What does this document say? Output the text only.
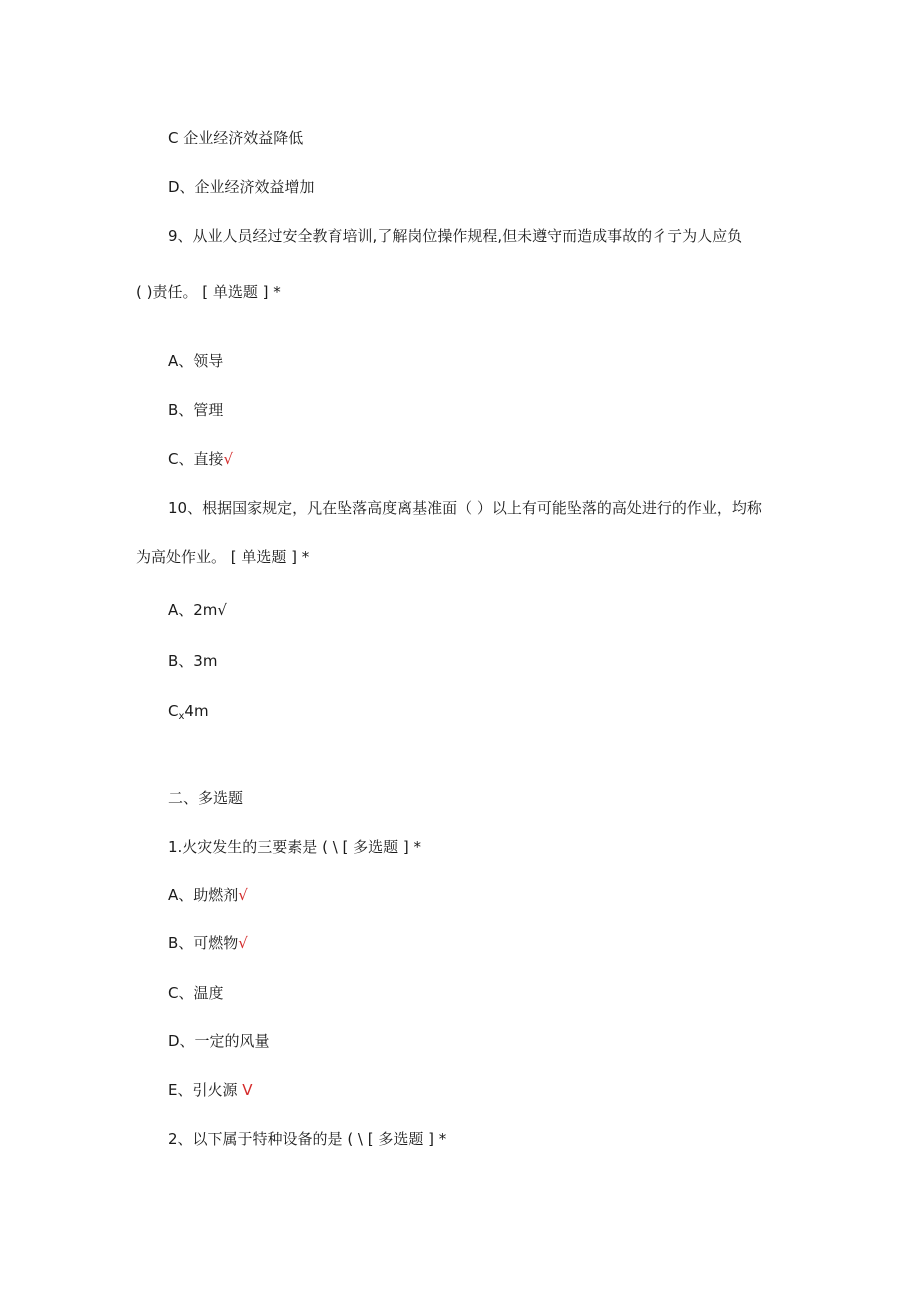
C 企业经济效益降低
D、企业经济效益增加
9、从业人员经过安全教育培训,了解岗位操作规程,但未遵守而造成事故的彳亍为人应负
( )责任。 [ 单选题 ] *
A、领导
B、管理
C、直接√
10、根据国家规定，凡在坠落高度离基准面（ ）以上有可能坠落的高处进行的作业，均称
为高处作业。 [ 单选题 ] *
A、2m√
B、3m
$C_x4m$
二、多选题
1.火灾发生的三要素是 ( \ [ 多选题 ] *
A、助燃剂√
B、可燃物√
C、温度
D、一定的风量
E、引火源 V
2、以下属于特种设备的是 ( \ [ 多选题 ] *
